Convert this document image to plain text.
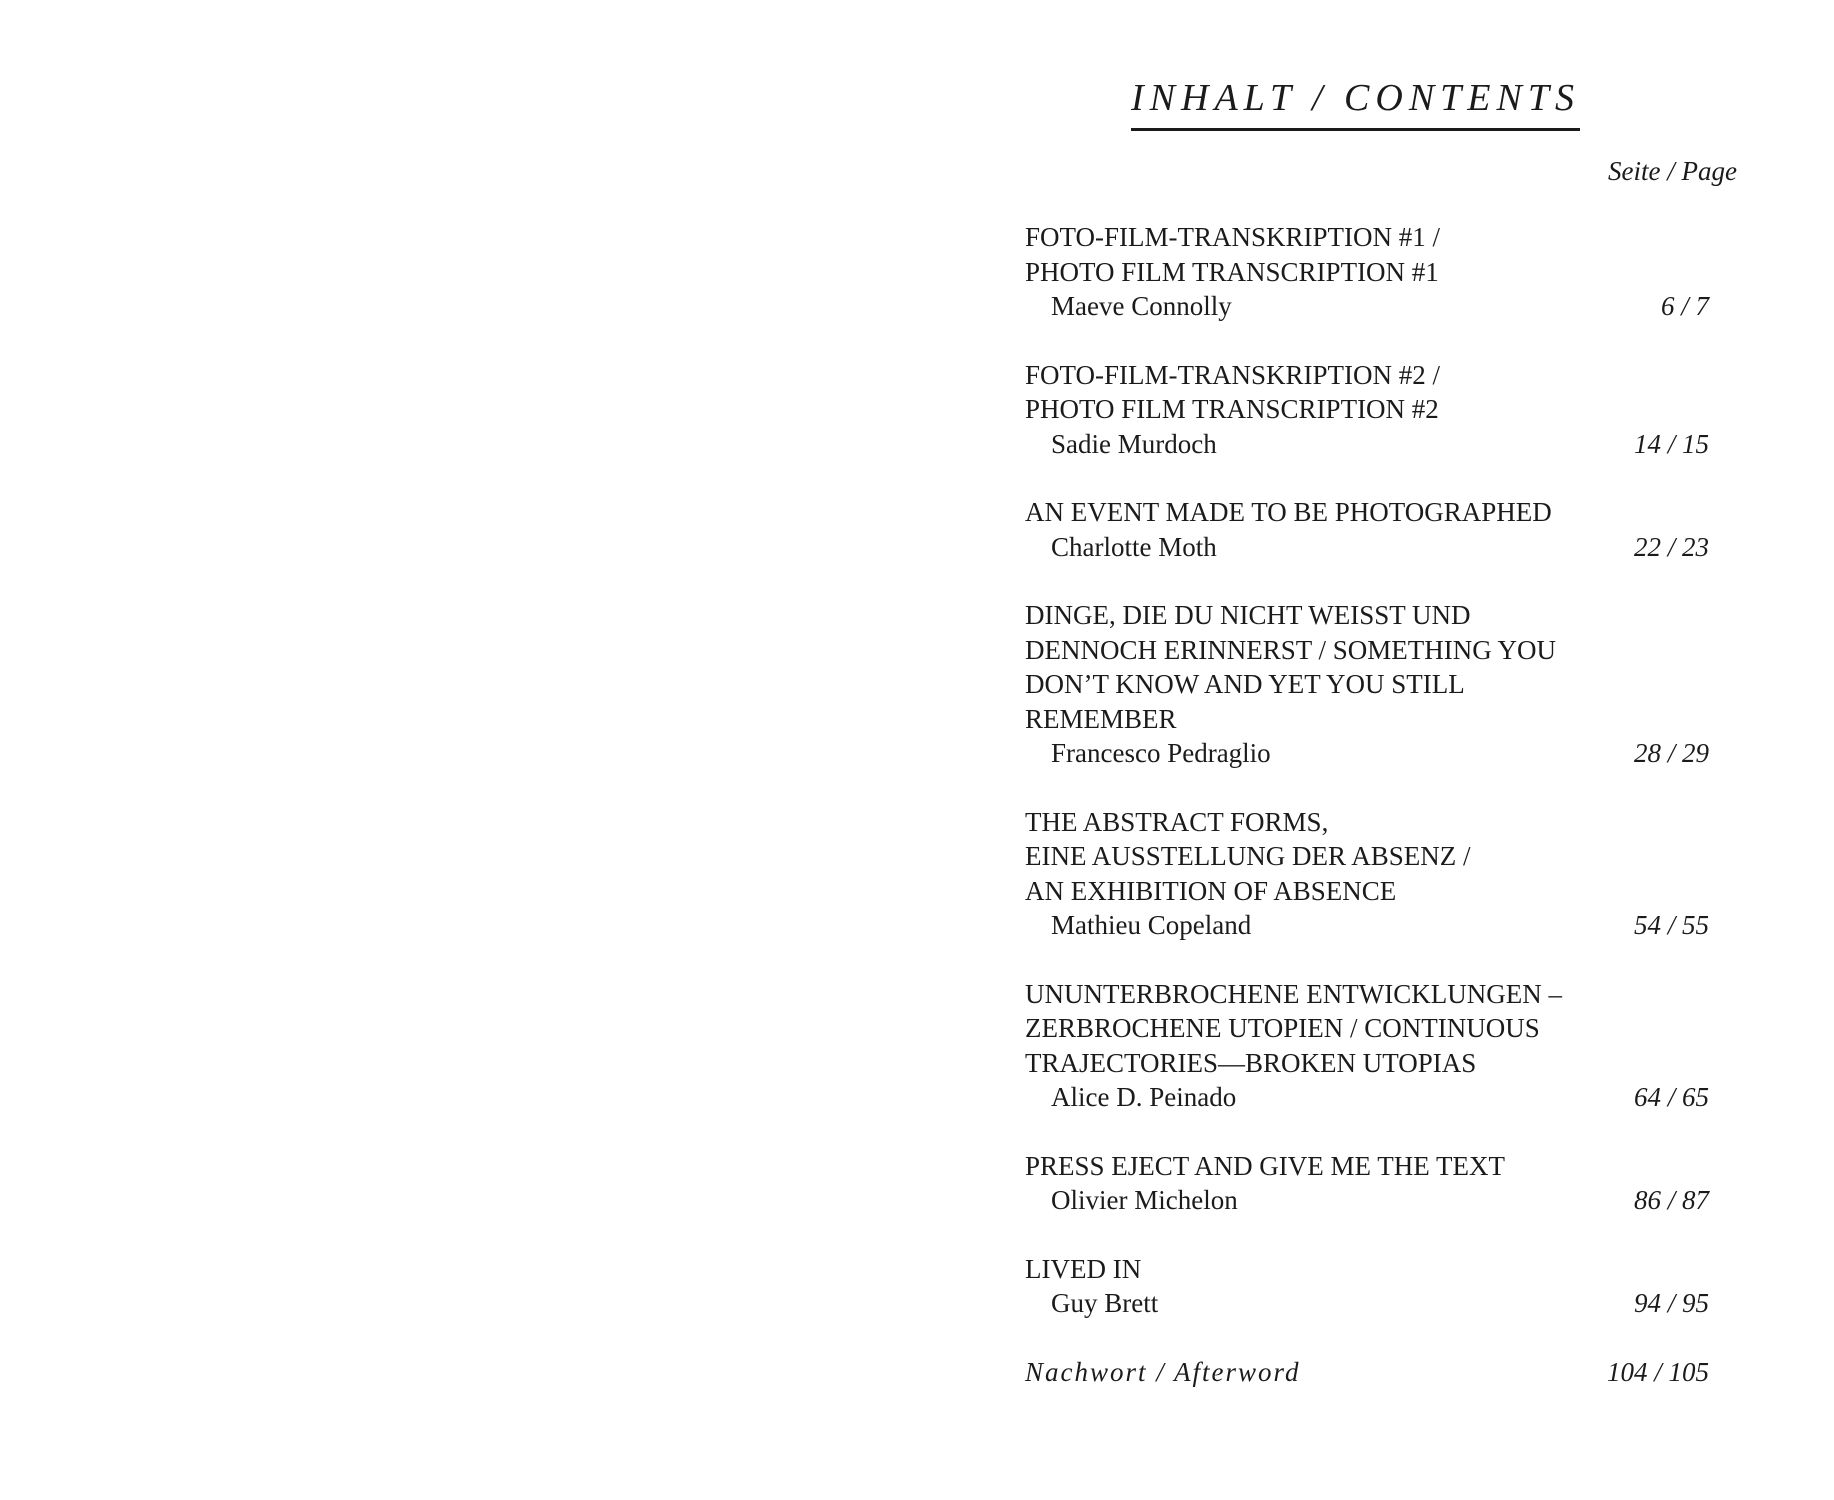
INHALT / CONTENTS
Seite / Page
FOTO-FILM-TRANSKRIPTION #1 /
PHOTO FILM TRANSCRIPTION #1
Maeve Connolly	6 / 7
FOTO-FILM-TRANSKRIPTION #2 /
PHOTO FILM TRANSCRIPTION #2
Sadie Murdoch	14 / 15
AN EVENT MADE TO BE PHOTOGRAPHED
Charlotte Moth	22 / 23
DINGE, DIE DU NICHT WEISST UND
DENNOCH ERINNERST / SOMETHING YOU
DON’T KNOW AND YET YOU STILL
REMEMBER
Francesco Pedraglio	28 / 29
THE ABSTRACT FORMS,
EINE AUSSTELLUNG DER ABSENZ /
AN EXHIBITION OF ABSENCE
Mathieu Copeland	54 / 55
UNUNTERBROCHENE ENTWICKLUNGEN –
ZERBROCHENE UTOPIEN / CONTINUOUS
TRAJECTORIES—BROKEN UTOPIAS
Alice D. Peinado	64 / 65
PRESS EJECT AND GIVE ME THE TEXT
Olivier Michelon	86 / 87
LIVED IN
Guy Brett	94 / 95
Nachwort / Afterword	104 / 105
